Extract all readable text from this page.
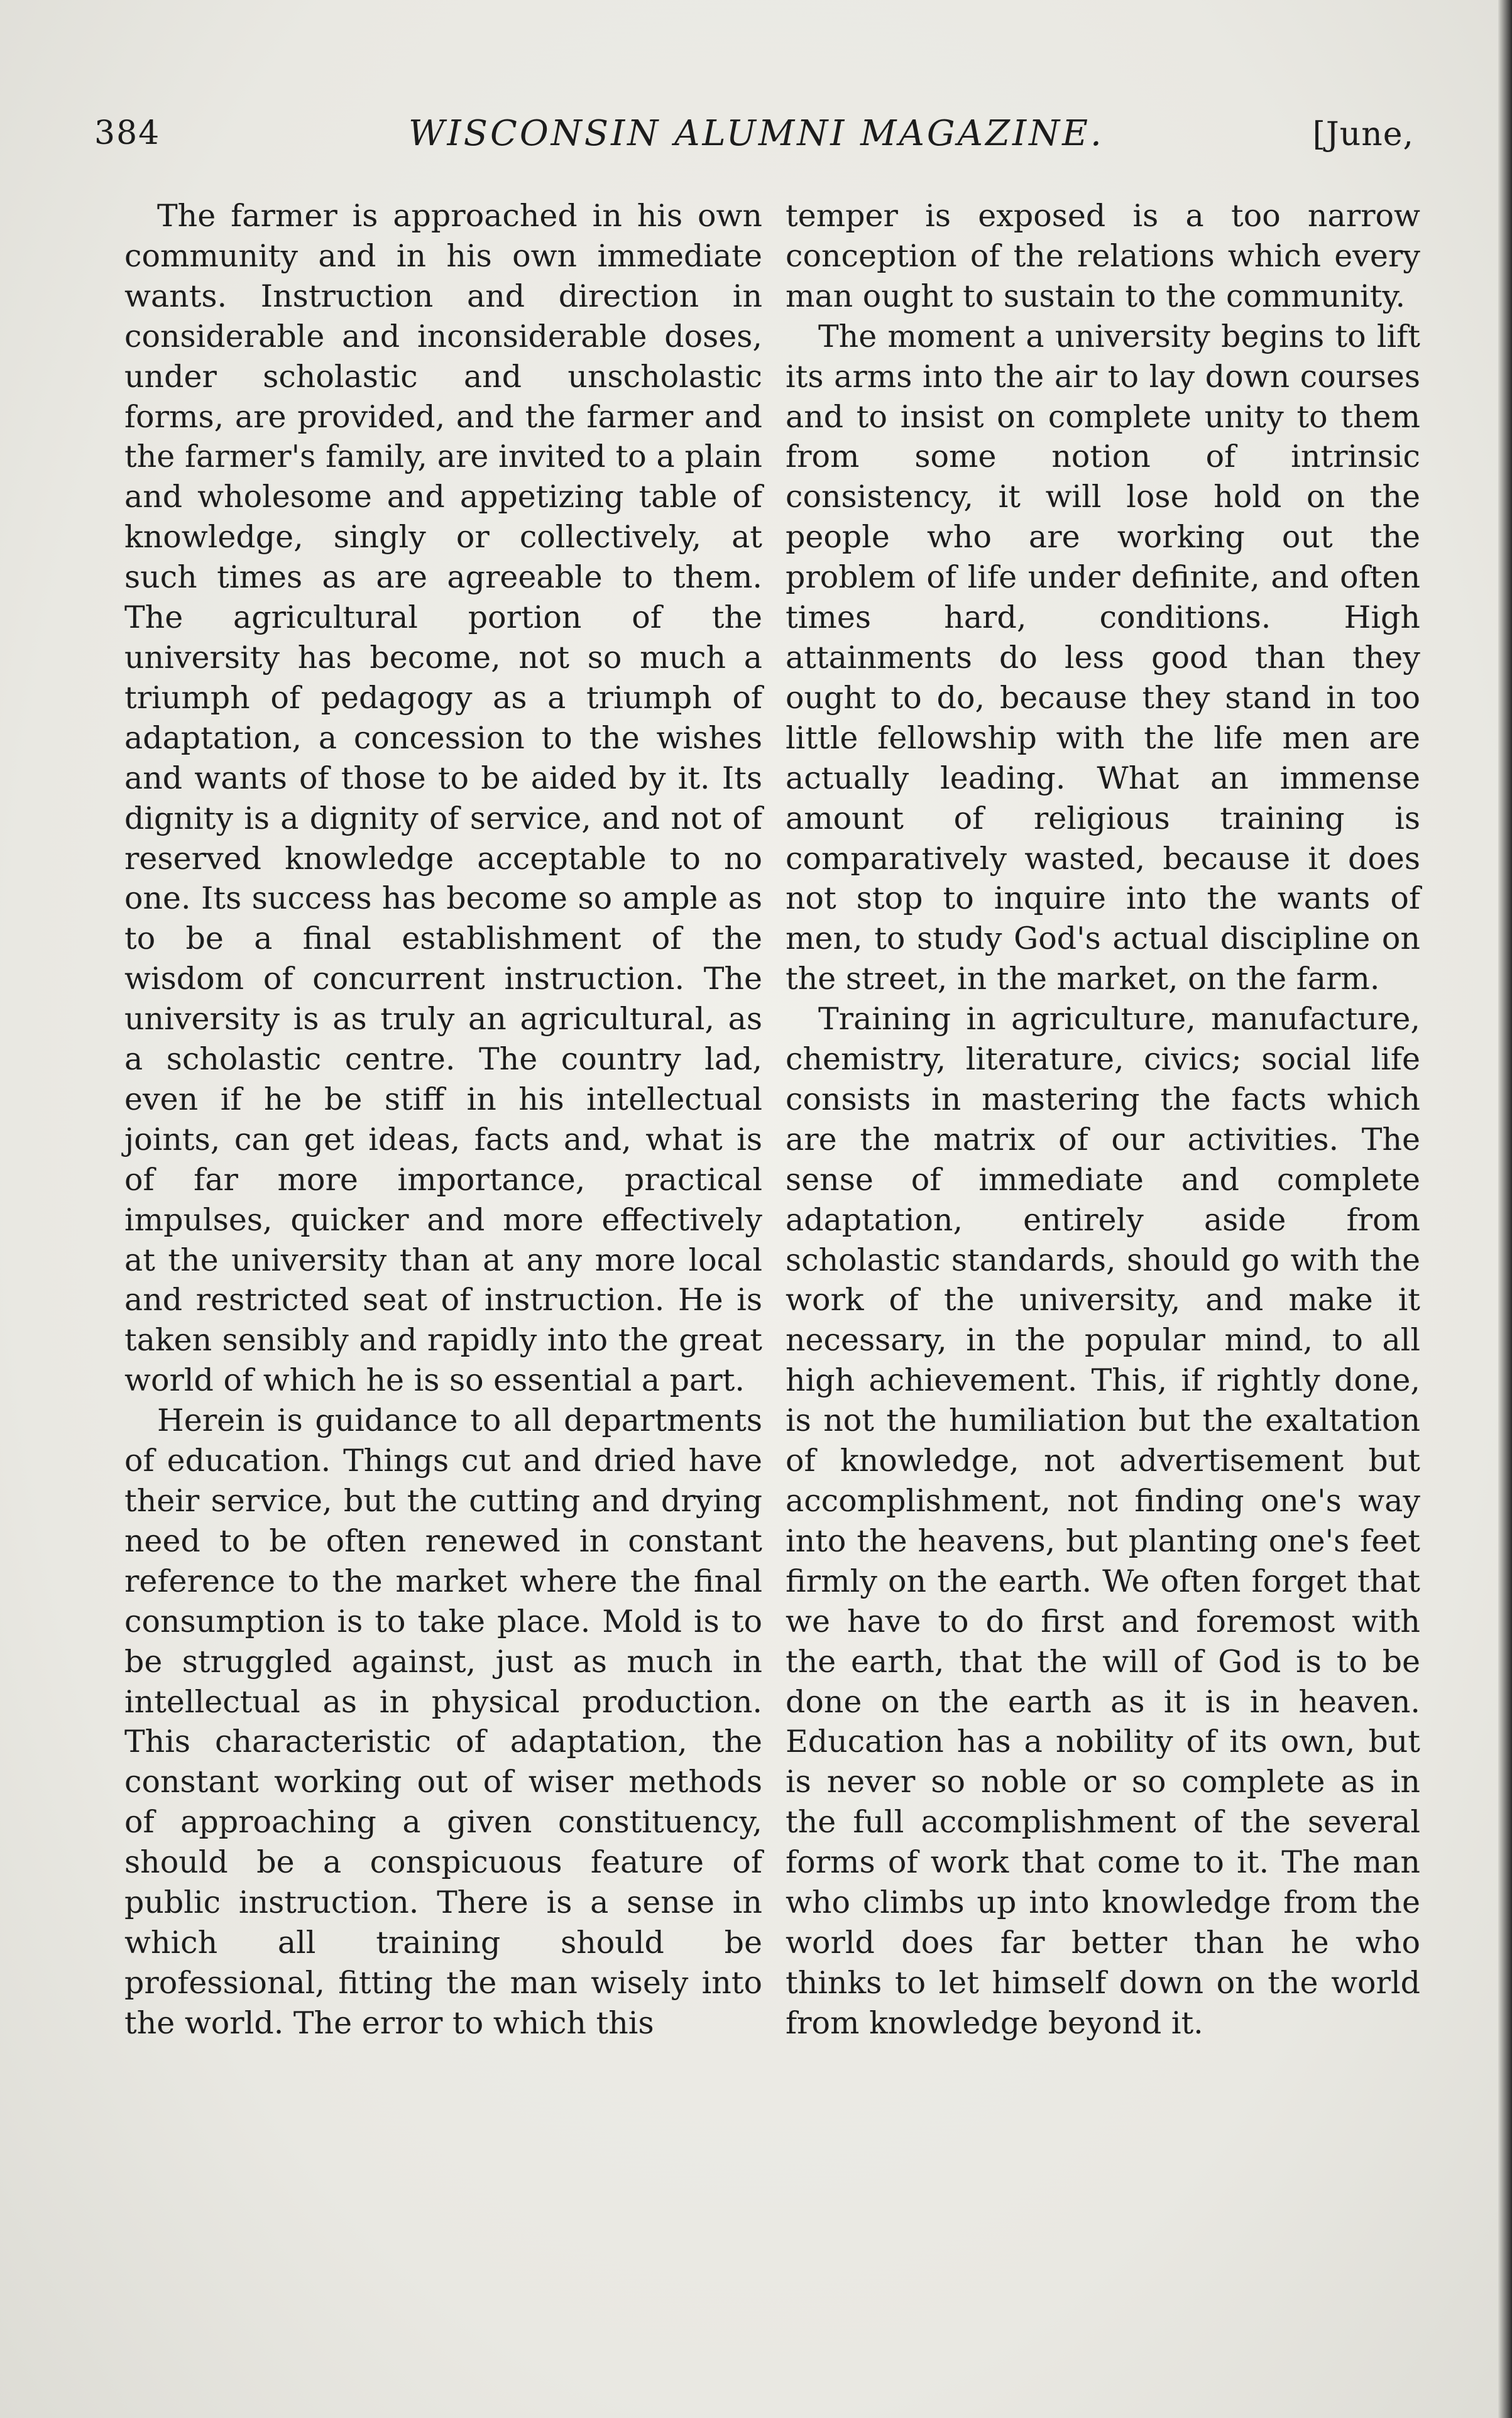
384	WISCONSIN ALUMNI MAGAZINE.	[June,

The farmer is approached in his own community and in his own immediate wants. Instruction and direction in considerable and inconsiderable doses, under scholastic and unscholastic forms, are provided, and the farmer and the farmer's family, are invited to a plain and wholesome and appetizing table of knowledge, singly or collectively, at such times as are agreeable to them. The agricultural portion of the university has become, not so much a triumph of pedagogy as a triumph of adaptation, a concession to the wishes and wants of those to be aided by it. Its dignity is a dignity of service, and not of reserved knowledge acceptable to no one. Its success has become so ample as to be a final establishment of the wisdom of concurrent instruction. The university is as truly an agricultural, as a scholastic centre. The country lad, even if he be stiff in his intellectual joints, can get ideas, facts and, what is of far more importance, practical impulses, quicker and more effectively at the university than at any more local and restricted seat of instruction. He is taken sensibly and rapidly into the great world of which he is so essential a part.

Herein is guidance to all departments of education. Things cut and dried have their service, but the cutting and drying need to be often renewed in constant reference to the market where the final consumption is to take place. Mold is to be struggled against, just as much in intellectual as in physical production. This characteristic of adaptation, the constant working out of wiser methods of approaching a given constituency, should be a conspicuous feature of public instruction. There is a sense in which all training should be professional, fitting the man wisely into the world. The error to which this

temper is exposed is a too narrow conception of the relations which every man ought to sustain to the community.

The moment a university begins to lift its arms into the air to lay down courses and to insist on complete unity to them from some notion of intrinsic consistency, it will lose hold on the people who are working out the problem of life under definite, and often times hard, conditions. High attainments do less good than they ought to do, because they stand in too little fellowship with the life men are actually leading. What an immense amount of religious training is comparatively wasted, because it does not stop to inquire into the wants of men, to study God's actual discipline on the street, in the market, on the farm.

Training in agriculture, manufacture, chemistry, literature, civics; social life consists in mastering the facts which are the matrix of our activities. The sense of immediate and complete adaptation, entirely aside from scholastic standards, should go with the work of the university, and make it necessary, in the popular mind, to all high achievement. This, if rightly done, is not the humiliation but the exaltation of knowledge, not advertisement but accomplishment, not finding one's way into the heavens, but planting one's feet firmly on the earth. We often forget that we have to do first and foremost with the earth, that the will of God is to be done on the earth as it is in heaven. Education has a nobility of its own, but is never so noble or so complete as in the full accomplishment of the several forms of work that come to it. The man who climbs up into knowledge from the world does far better than he who thinks to let himself down on the world from knowledge beyond it.
